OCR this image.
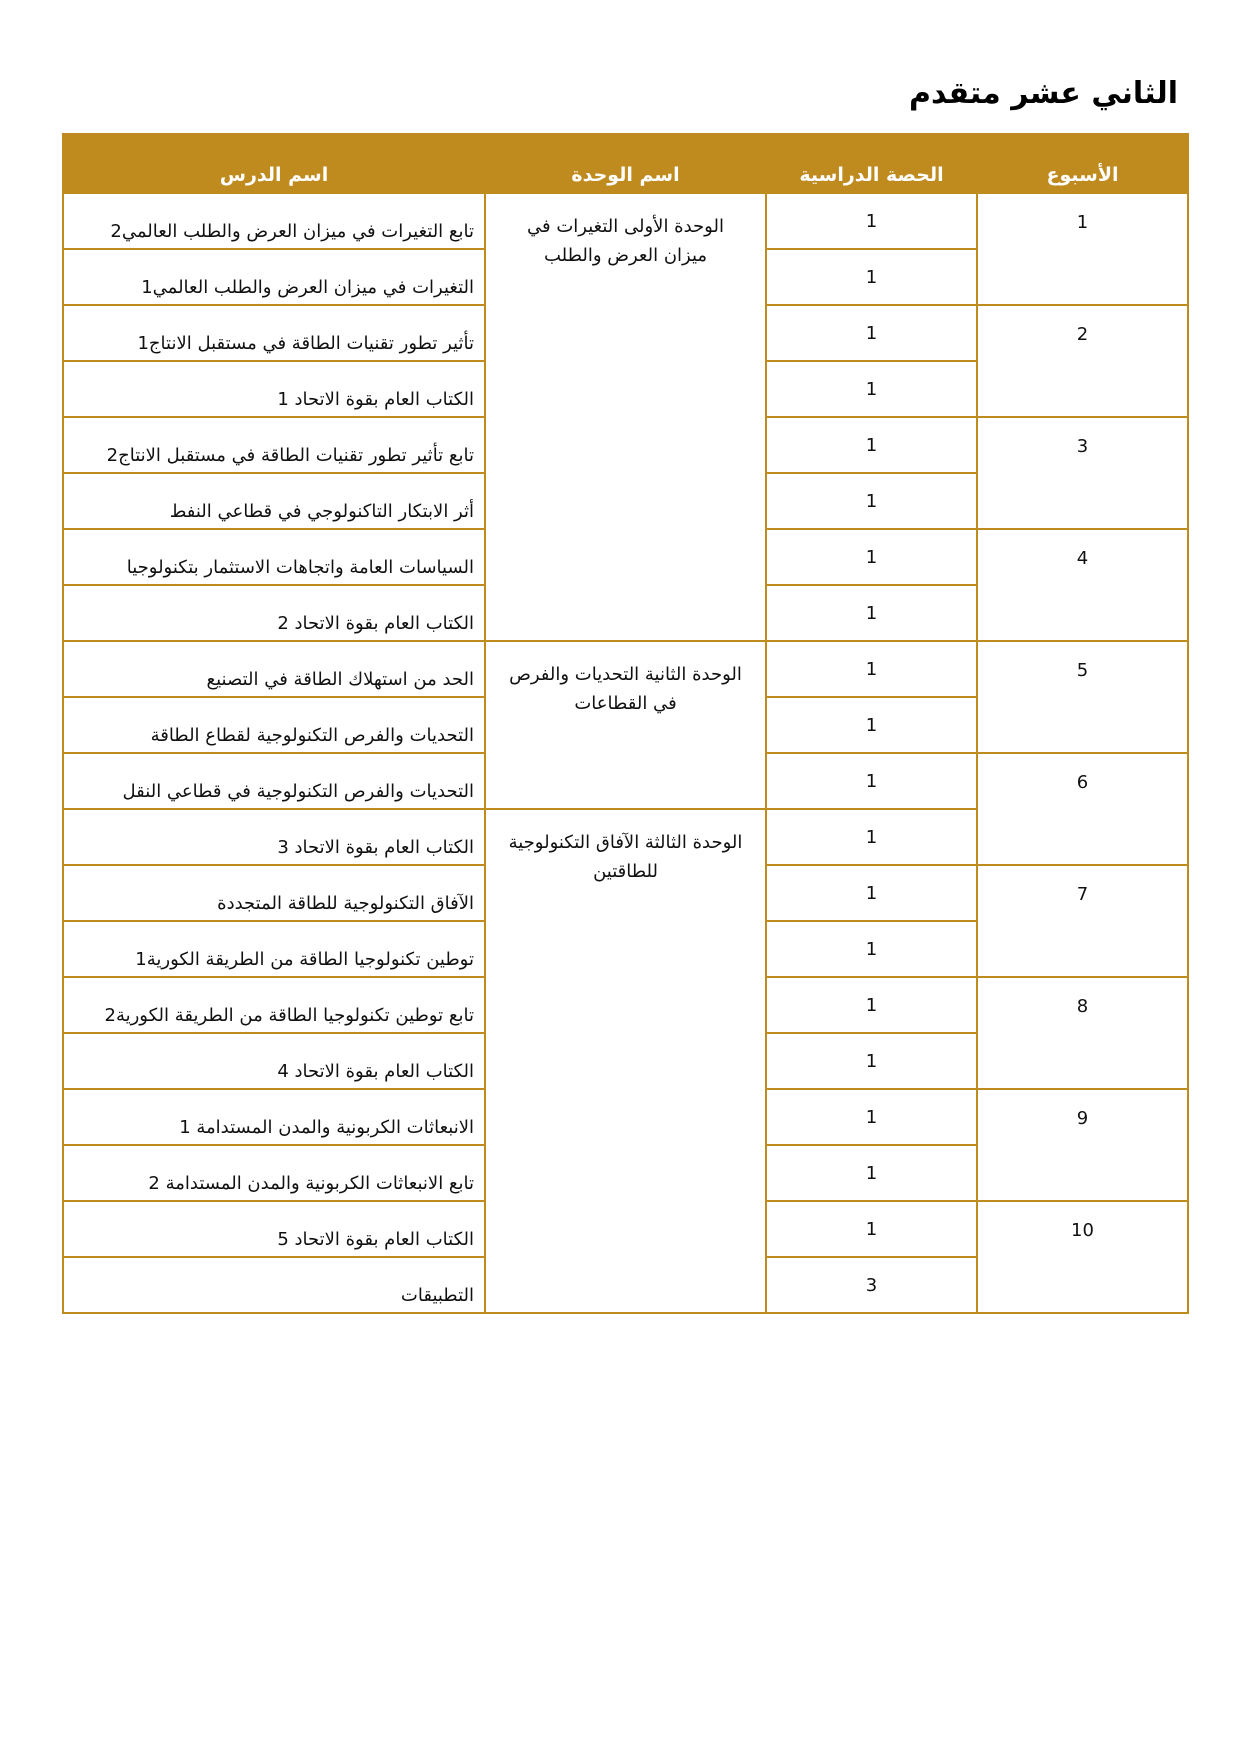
الثاني عشر متقدم
الأسبوع	الحصة الدراسية	اسم الوحدة	اسم الدرس
1	1	الوحدة الأولى التغيرات في ميزان العرض والطلب	تابع التغيرات في ميزان العرض والطلب العالمي2
	1		التغيرات في ميزان العرض والطلب العالمي1
2	1		تأثير تطور تقنيات الطاقة في مستقبل الانتاج1
	1		الكتاب العام بقوة الاتحاد 1
3	1		تابع تأثير تطور تقنيات الطاقة في مستقبل الانتاج2
	1		أثر الابتكار التاكنولوجي في قطاعي النفط
4	1		السياسات العامة واتجاهات الاستثمار بتكنولوجيا
	1		الكتاب العام بقوة الاتحاد 2
5	1	الوحدة الثانية التحديات والفرص في القطاعات	الحد من استهلاك الطاقة في التصنيع
	1		التحديات والفرص التكنولوجية لقطاع الطاقة
6	1		التحديات والفرص التكنولوجية في قطاعي النقل
	1	الوحدة الثالثة الآفاق التكنولوجية للطاقتين	الكتاب العام بقوة الاتحاد 3
7	1		الآفاق التكنولوجية للطاقة المتجددة
	1		توطين تكنولوجيا الطاقة من الطريقة الكورية1
8	1		تابع توطين تكنولوجيا الطاقة من الطريقة الكورية2
	1		الكتاب العام بقوة الاتحاد 4
9	1		الانبعاثات الكربونية والمدن المستدامة 1
	1		تابع الانبعاثات الكربونية والمدن المستدامة 2
10	1		الكتاب العام بقوة الاتحاد 5
	3		التطبيقات
